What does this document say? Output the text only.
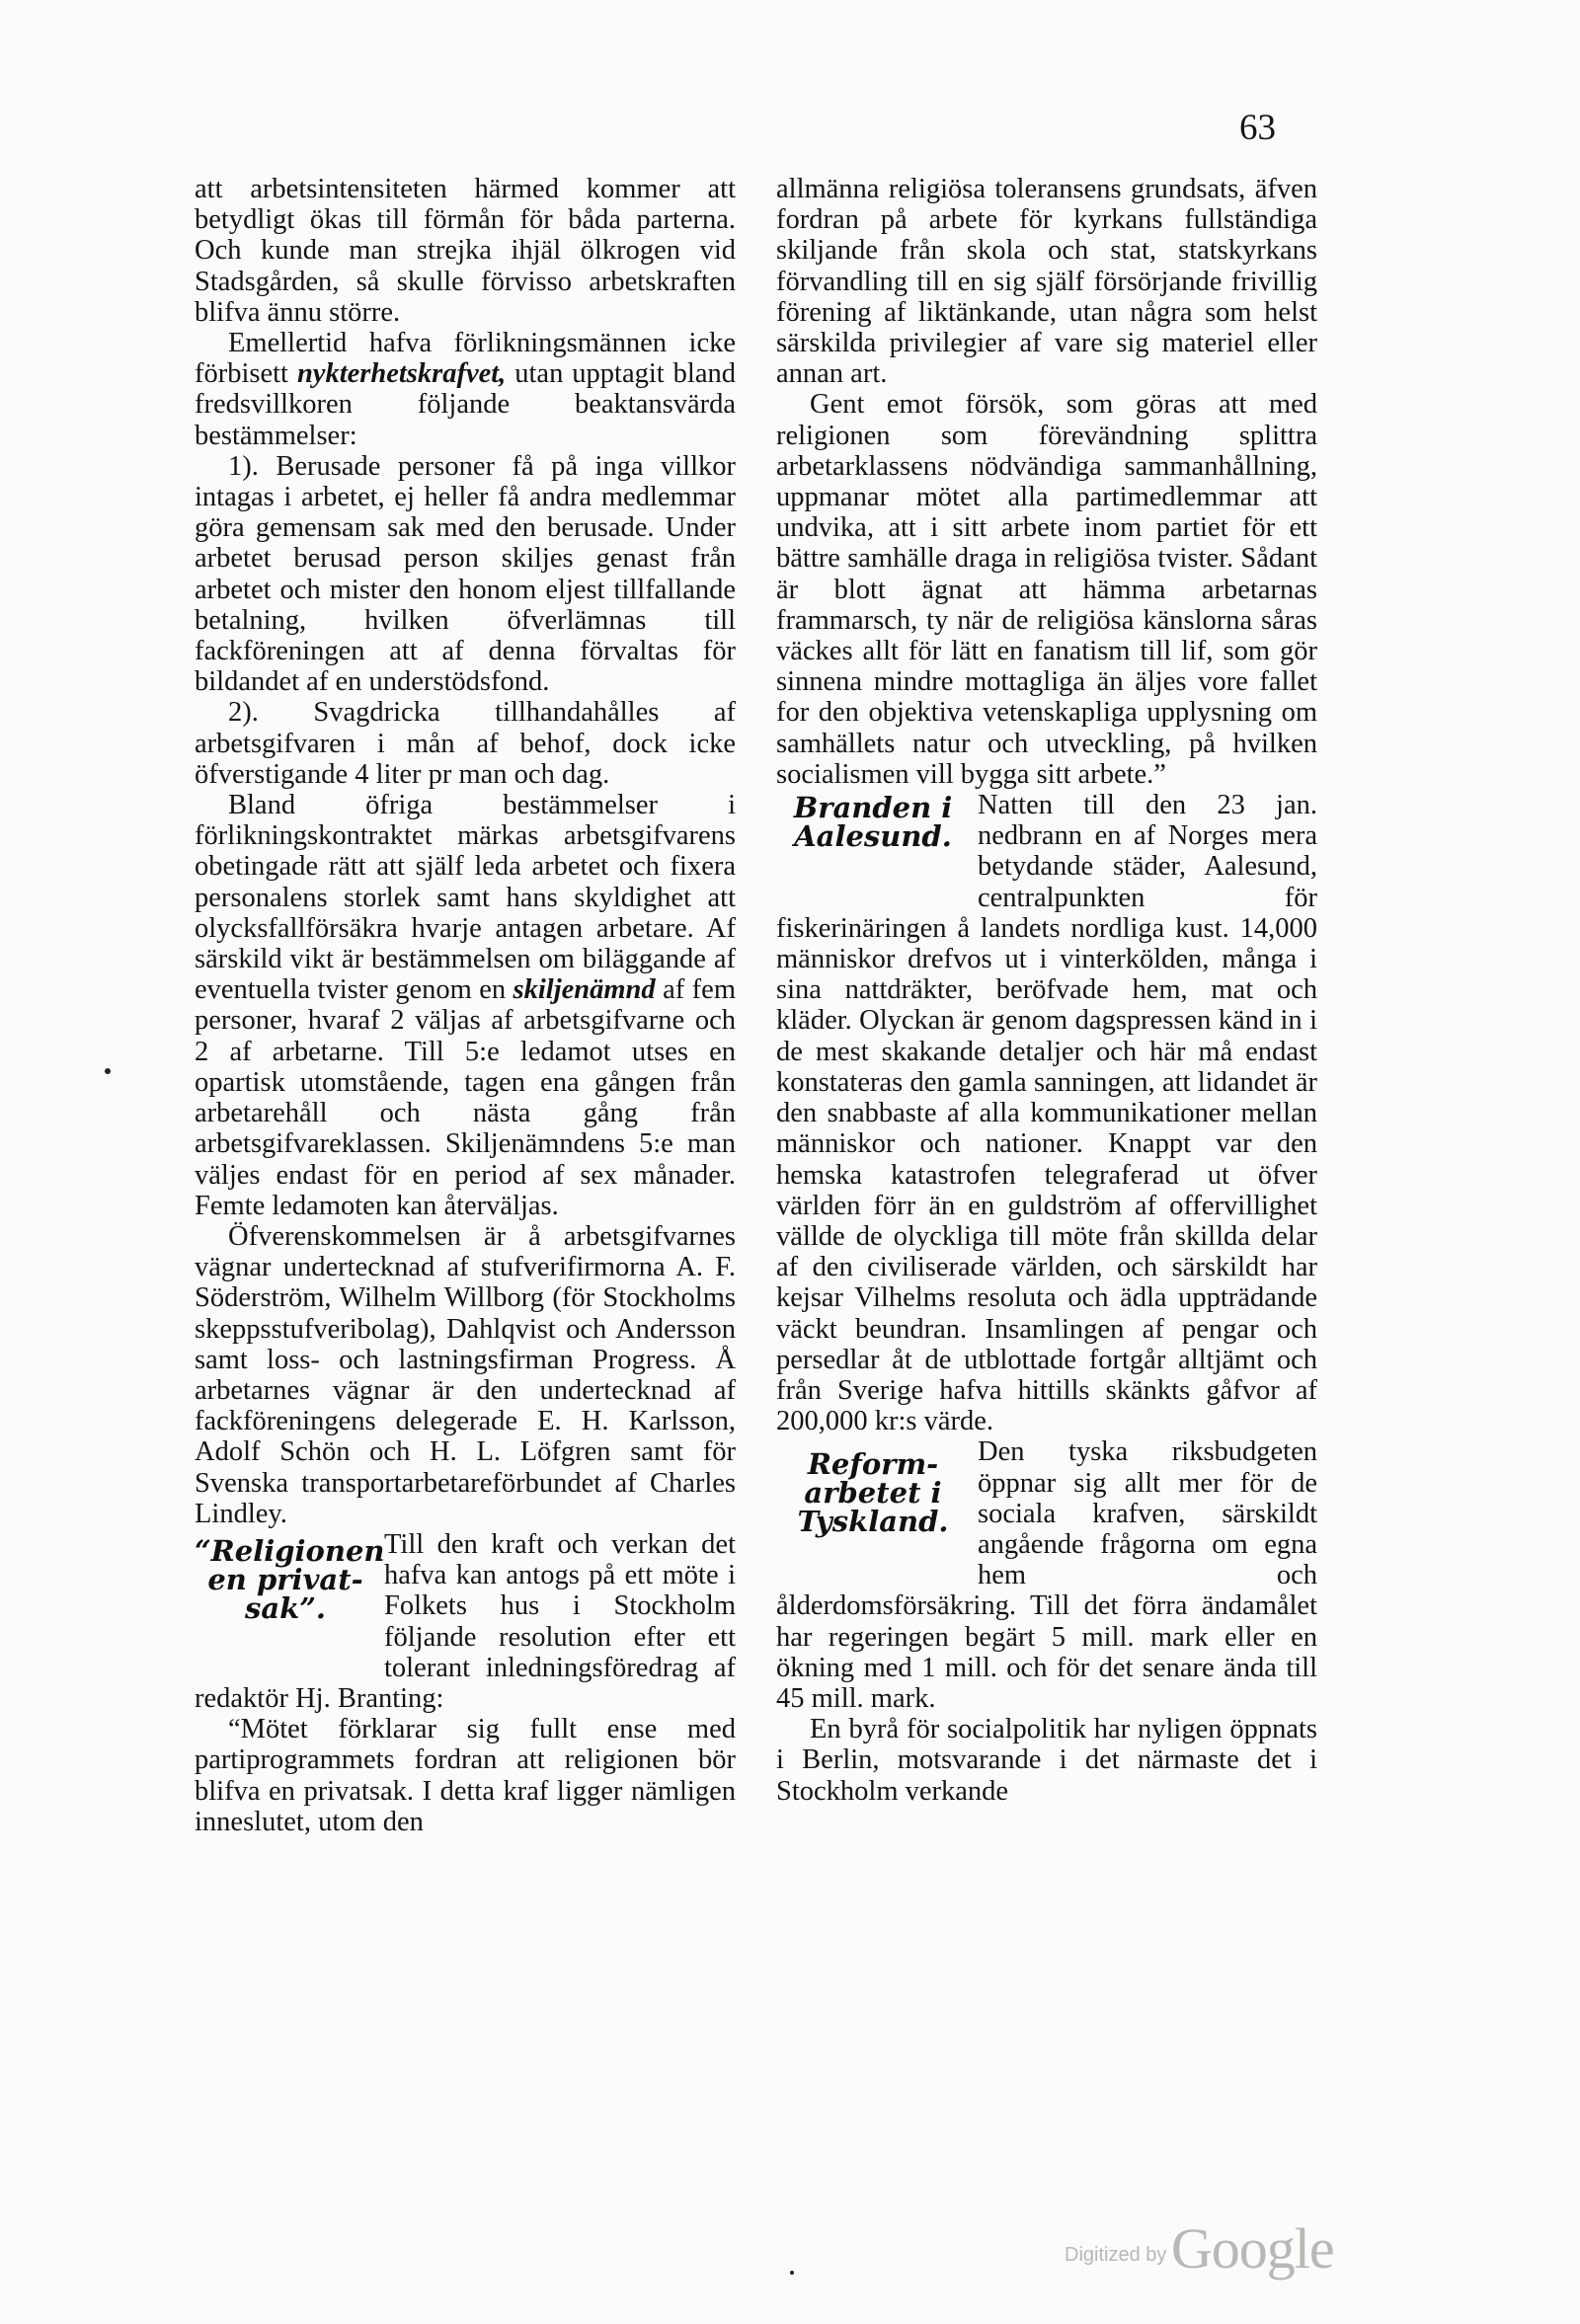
63

att arbetsintensiteten härmed kommer att betydligt ökas till förmån för båda parterna. Och kunde man strejka ihjäl ölkrogen vid Stadsgården, så skulle förvisso arbetskraften blifva ännu större.

Emellertid hafva förlikningsmännen icke förbisett nykterhetskrafvet, utan upptagit bland fredsvillkoren följande beaktansvärda bestämmelser:

1). Berusade personer få på inga villkor intagas i arbetet, ej heller få andra medlemmar göra gemensam sak med den berusade. Under arbetet berusad person skiljes genast från arbetet och mister den honom eljest tillfallande betalning, hvilken öfverlämnas till fackföreningen att af denna förvaltas för bildandet af en understödsfond.

2). Svagdricka tillhandahålles af arbetsgifvaren i mån af behof, dock icke öfverstigande 4 liter pr man och dag.

Bland öfriga bestämmelser i förlikningskontraktet märkas arbetsgifvarens obetingade rätt att själf leda arbetet och fixera personalens storlek samt hans skyldighet att olycksfallförsäkra hvarje antagen arbetare. Af särskild vikt är bestämmelsen om biläggande af eventuella tvister genom en skiljenämnd af fem personer, hvaraf 2 väljas af arbetsgifvarne och 2 af arbetarne. Till 5:e ledamot utses en opartisk utomstående, tagen ena gången från arbetarehåll och nästa gång från arbetsgifvareklassen. Skiljenämndens 5:e man väljes endast för en period af sex månader. Femte ledamoten kan återväljas.

Öfverenskommelsen är å arbetsgifvarnes vägnar undertecknad af stufverifirmorna A. F. Söderström, Wilhelm Willborg (för Stockholms skeppsstufveribolag), Dahlqvist och Andersson samt loss- och lastningsfirman Progress. Å arbetarnes vägnar är den undertecknad af fackföreningens delegerade E. H. Karlsson, Adolf Schön och H. L. Löfgren samt för Svenska transportarbetareförbundet af Charles Lindley.

“Religionen
en privat-
sak”.

Till den kraft och verkan det hafva kan antogs på ett möte i Folkets hus i Stockholm följande resolution efter ett tolerant inledningsföredrag af redaktör Hj. Branting:

“Mötet förklarar sig fullt ense med partiprogrammets fordran att religionen bör blifva en privatsak. I detta kraf ligger nämligen inneslutet, utom den

allmänna religiösa toleransens grundsats, äfven fordran på arbete för kyrkans fullständiga skiljande från skola och stat, statskyrkans förvandling till en sig själf försörjande frivillig förening af liktänkande, utan några som helst särskilda privilegier af vare sig materiel eller annan art.

Gent emot försök, som göras att med religionen som förevändning splittra arbetarklassens nödvändiga sammanhållning, uppmanar mötet alla partimedlemmar att undvika, att i sitt arbete inom partiet för ett bättre samhälle draga in religiösa tvister. Sådant är blott ägnat att hämma arbetarnas frammarsch, ty när de religiösa känslorna såras väckes allt för lätt en fanatism till lif, som gör sinnena mindre mottagliga än äljes vore fallet for den objektiva vetenskapliga upplysning om samhällets natur och utveckling, på hvilken socialismen vill bygga sitt arbete.”

Branden i
Aalesund.

Natten till den 23 jan. nedbrann en af Norges mera betydande städer, Aalesund, centralpunkten för fiskerinäringen å landets nordliga kust. 14,000 människor drefvos ut i vinterkölden, många i sina nattdräkter, beröfvade hem, mat och kläder. Olyckan är genom dagspressen känd in i de mest skakande detaljer och här må endast konstateras den gamla sanningen, att lidandet är den snabbaste af alla kommunikationer mellan människor och nationer. Knappt var den hemska katastrofen telegraferad ut öfver världen förr än en guldström af offervillighet vällde de olyckliga till möte från skillda delar af den civiliserade världen, och särskildt har kejsar Vilhelms resoluta och ädla uppträdande väckt beundran. Insamlingen af pengar och persedlar åt de utblottade fortgår alltjämt och från Sverige hafva hittills skänkts gåfvor af 200,000 kr:s värde.

Reform-
arbetet i
Tyskland.

Den tyska riksbudgeten öppnar sig allt mer för de sociala krafven, särskildt angående frågorna om egna hem och ålderdomsförsäkring. Till det förra ändamålet har regeringen begärt 5 mill. mark eller en ökning med 1 mill. och för det senare ända till 45 mill. mark.

En byrå för socialpolitik har nyligen öppnats i Berlin, motsvarande i det närmaste det i Stockholm verkande

Digitized by Google
